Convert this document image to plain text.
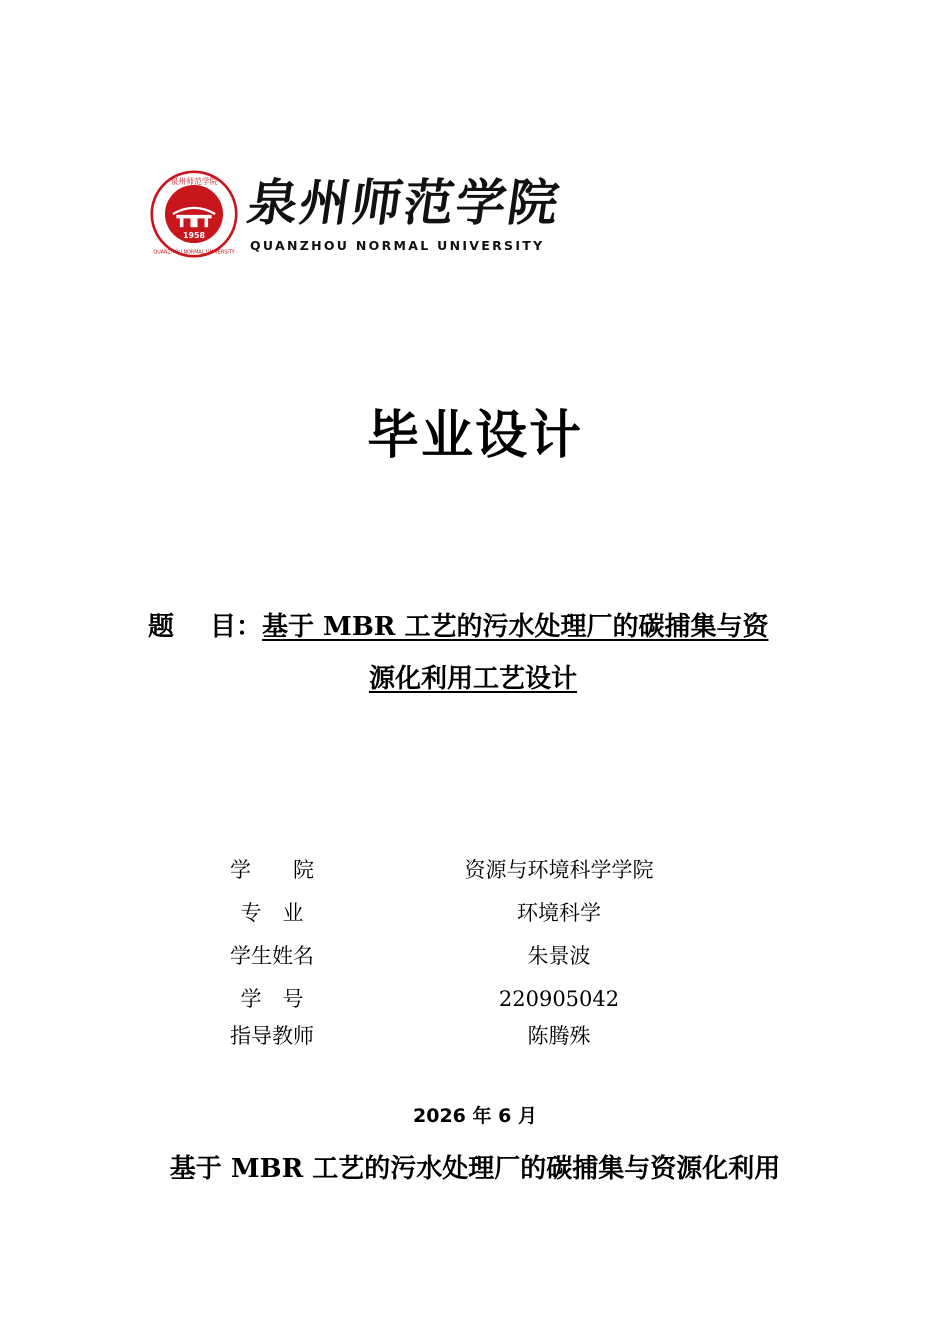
1958
泉州师范学院
QUANZHOU NORMAL UNIVERSITY
泉州师范学院
QUANZHOU NORMAL UNIVERSITY
毕业设计
题 目：基于 MBR 工艺的污水处理厂的碳捕集与资
源化利用工艺设计
学　　院	资源与环境科学学院
专　业	环境科学
学生姓名	朱景波
学　号	220905042
指导教师	陈腾殊
2026 年 6 月
基于 MBR 工艺的污水处理厂的碳捕集与资源化利用
